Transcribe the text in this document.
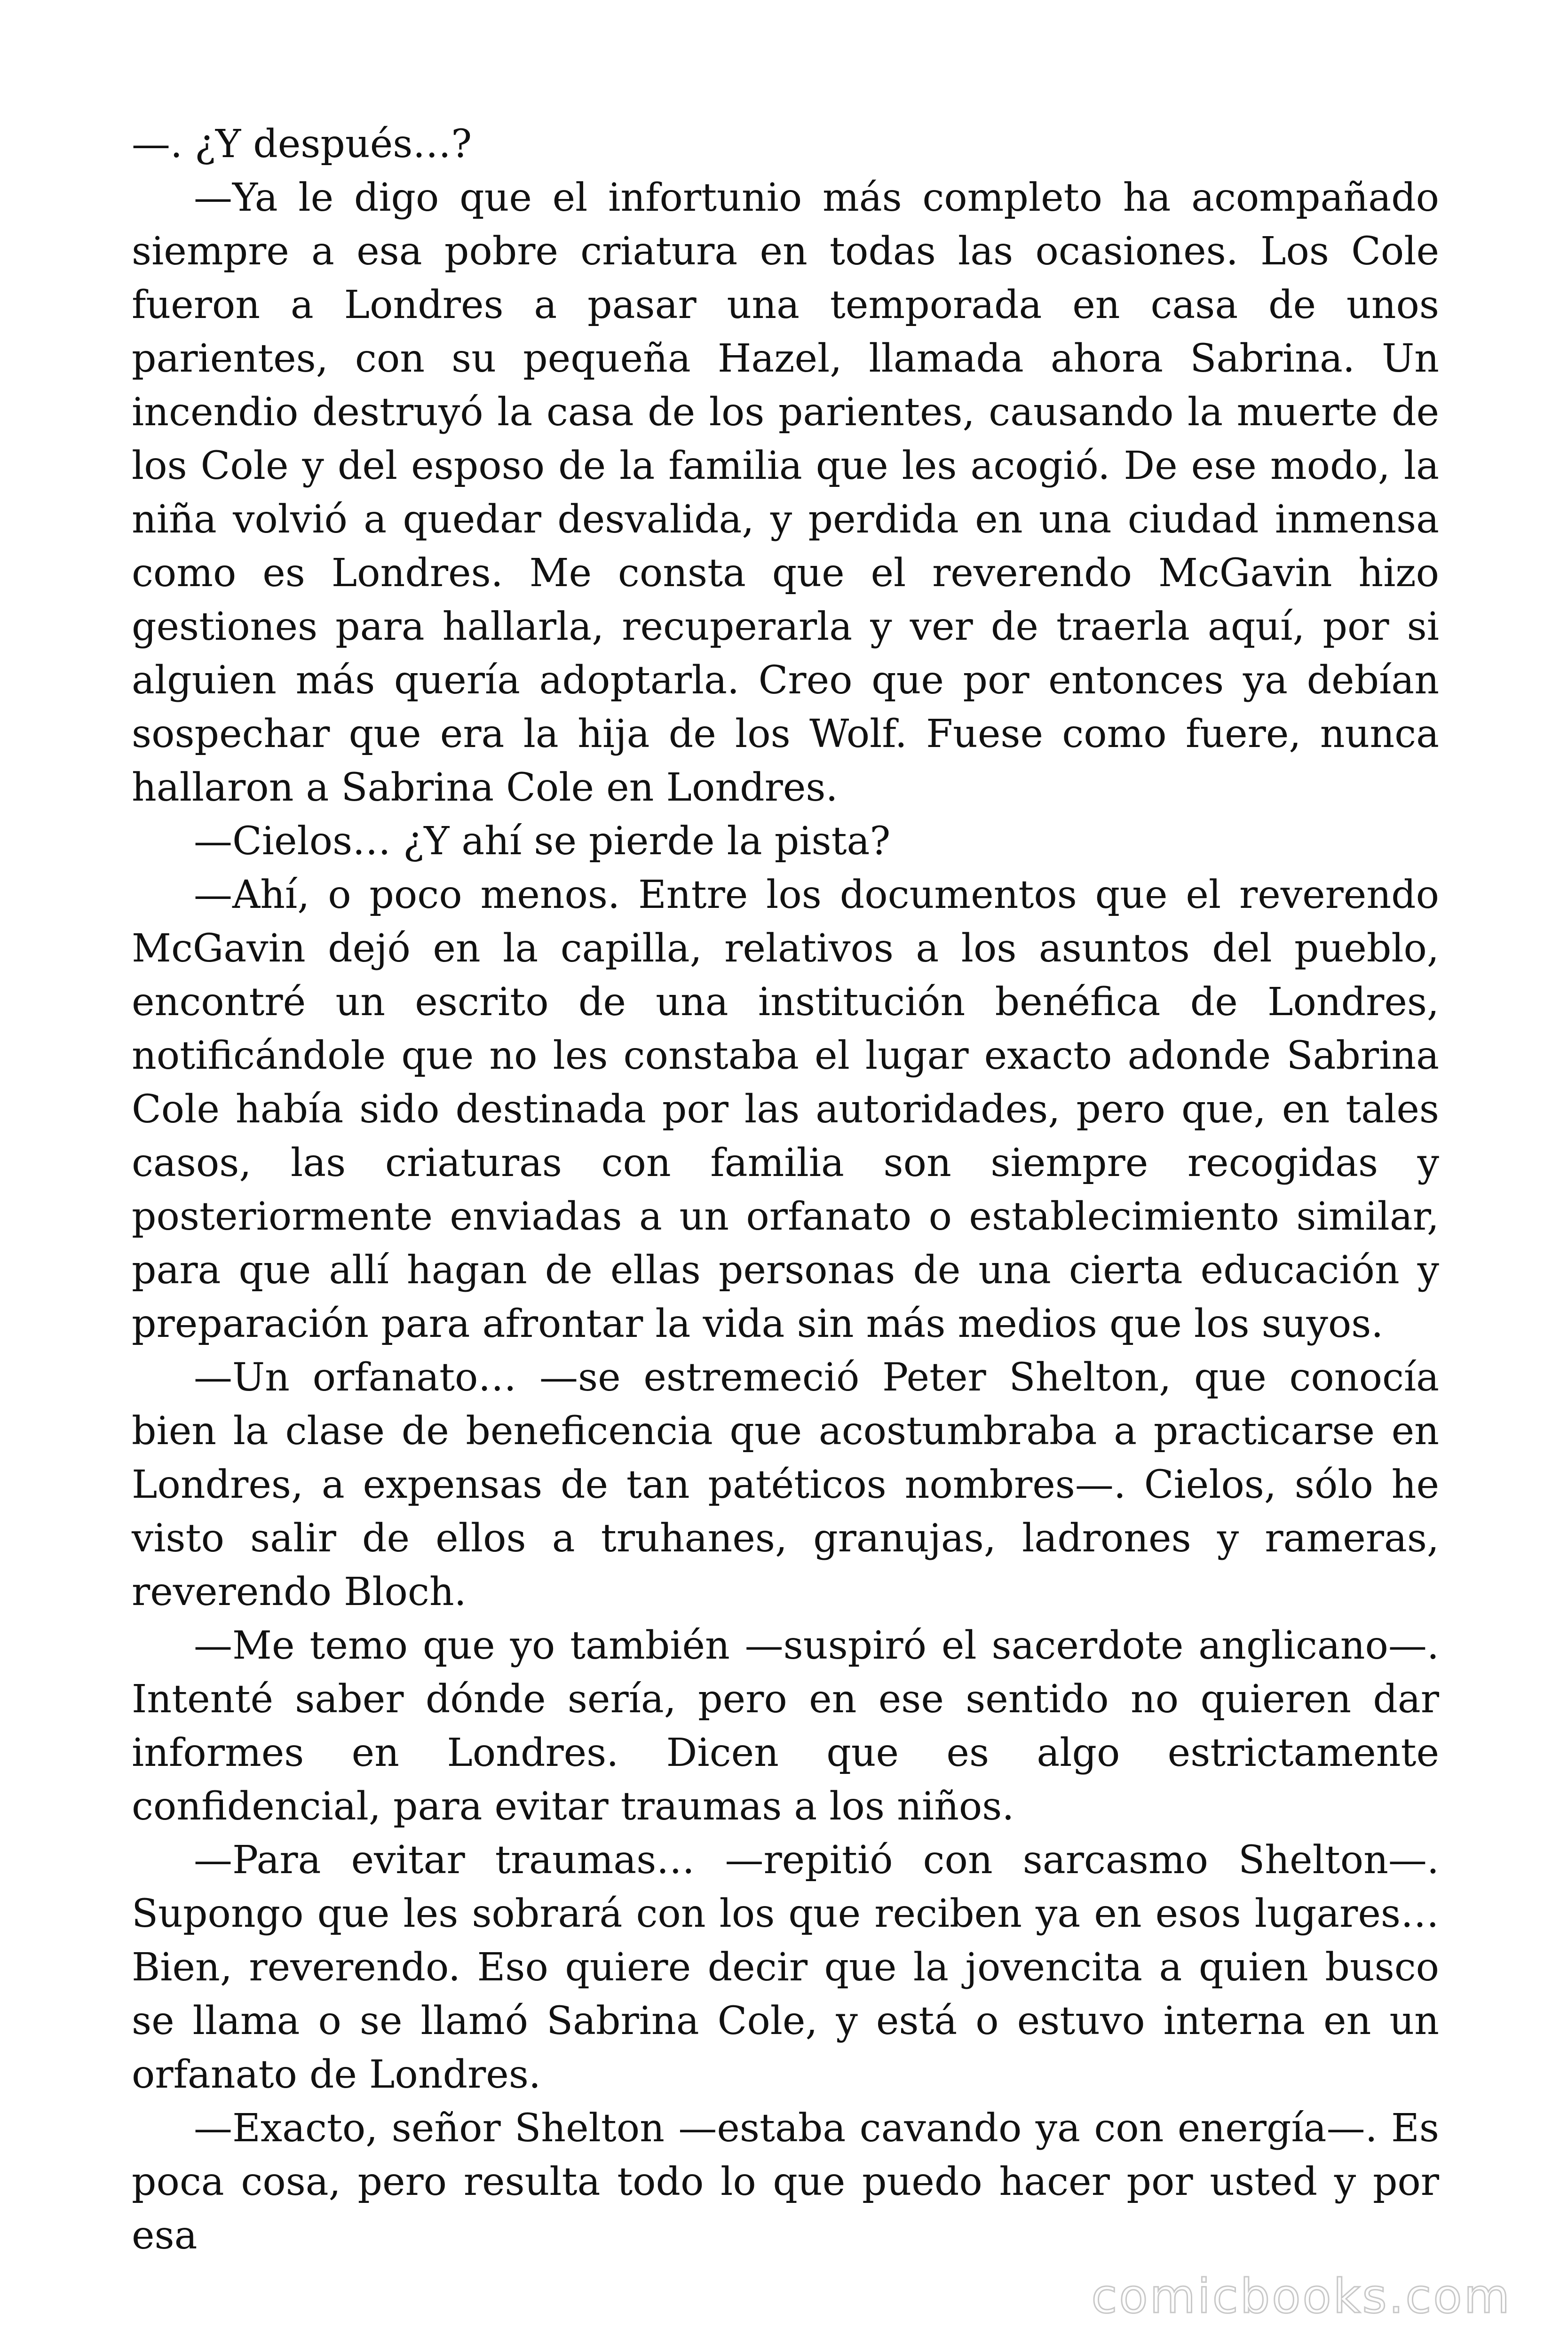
—. ¿Y después…?

—Ya le digo que el infortunio más completo ha acompañado siempre a esa pobre criatura en todas las ocasiones. Los Cole fueron a Londres a pasar una temporada en casa de unos parientes, con su pequeña Hazel, llamada ahora Sabrina. Un incendio destruyó la casa de los parientes, causando la muerte de los Cole y del esposo de la familia que les acogió. De ese modo, la niña volvió a quedar desvalida, y perdida en una ciudad inmensa como es Londres. Me consta que el reverendo McGavin hizo gestiones para hallarla, recuperarla y ver de traerla aquí, por si alguien más quería adoptarla. Creo que por entonces ya debían sospechar que era la hija de los Wolf. Fuese como fuere, nunca hallaron a Sabrina Cole en Londres.

—Cielos… ¿Y ahí se pierde la pista?

—Ahí, o poco menos. Entre los documentos que el reverendo McGavin dejó en la capilla, relativos a los asuntos del pueblo, encontré un escrito de una institución benéfica de Londres, notificándole que no les constaba el lugar exacto adonde Sabrina Cole había sido destinada por las autoridades, pero que, en tales casos, las criaturas con familia son siempre recogidas y posteriormente enviadas a un orfanato o establecimiento similar, para que allí hagan de ellas personas de una cierta educación y preparación para afrontar la vida sin más medios que los suyos.

—Un orfanato… —se estremeció Peter Shelton, que conocía bien la clase de beneficencia que acostumbraba a practicarse en Londres, a expensas de tan patéticos nombres—. Cielos, sólo he visto salir de ellos a truhanes, granujas, ladrones y rameras, reverendo Bloch.

—Me temo que yo también —suspiró el sacerdote anglicano—. Intenté saber dónde sería, pero en ese sentido no quieren dar informes en Londres. Dicen que es algo estrictamente confidencial, para evitar traumas a los niños.

—Para evitar traumas… —repitió con sarcasmo Shelton—. Supongo que les sobrará con los que reciben ya en esos lugares… Bien, reverendo. Eso quiere decir que la jovencita a quien busco se llama o se llamó Sabrina Cole, y está o estuvo interna en un orfanato de Londres.

—Exacto, señor Shelton —estaba cavando ya con energía—. Es poca cosa, pero resulta todo lo que puedo hacer por usted y por esa

comicbooks.com
